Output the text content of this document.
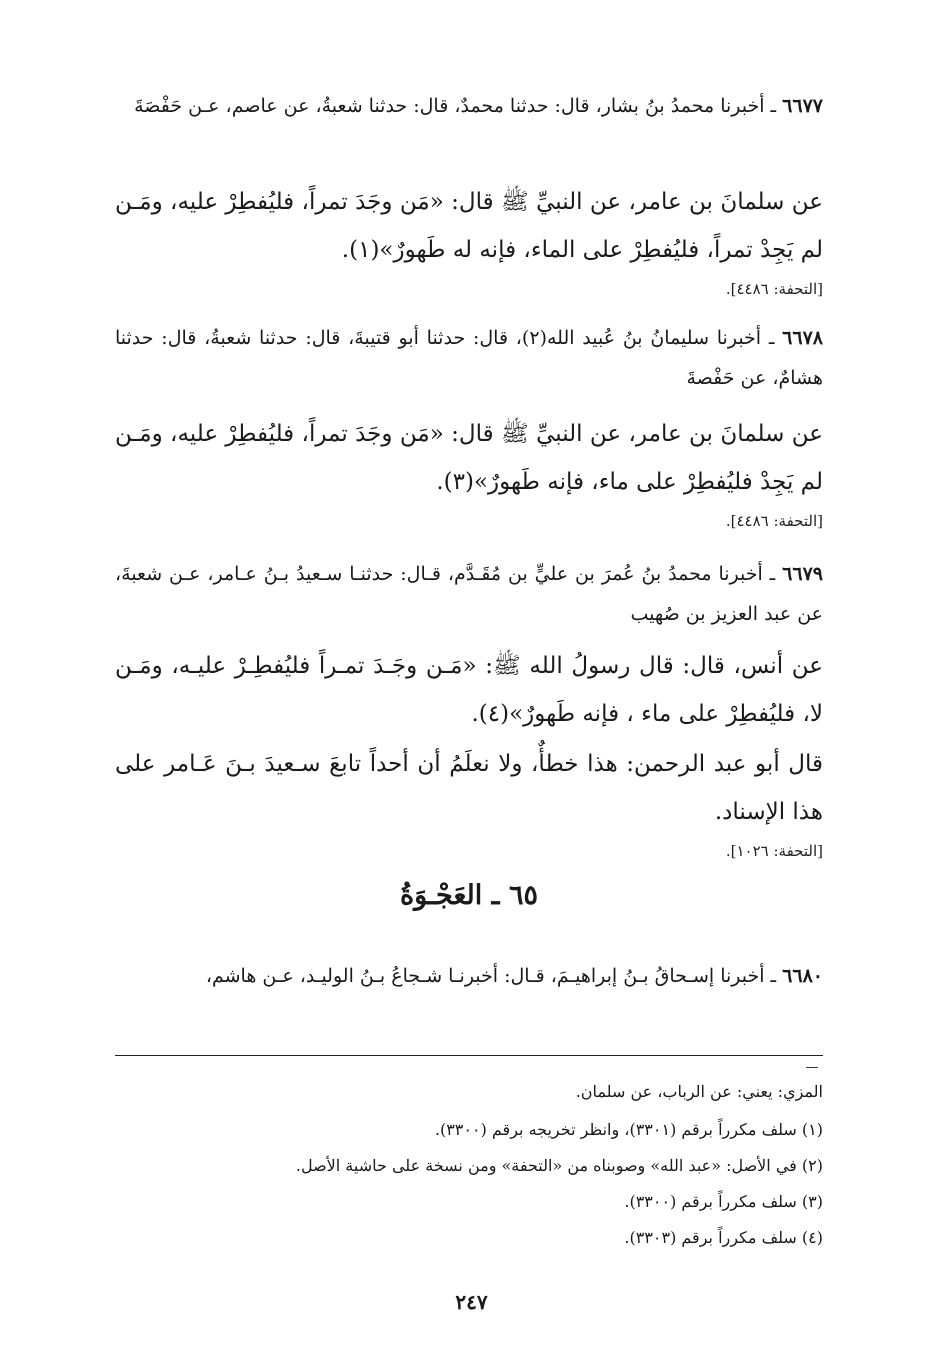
٦٦٧٧ ـ أخبرنا محمدُ بنُ بشار، قال: حدثنا محمدٌ، قال: حدثنا شعبةُ، عن عاصم، عـن حَفْصَةَ
عن سلمانَ بن عامر، عن النبيِّ ﷺ قال: «مَن وجَدَ تمراً، فليُفطِرْ عليه، ومَـن لم يَجِدْ تمراً، فليُفطِرْ على الماء، فإنه له طَهورٌ»(١).
[التحفة: ٤٤٨٦].
٦٦٧٨ ـ أخبرنا سليمانُ بنُ عُبيد الله(٢)، قال: حدثنا أبو قتيبةَ، قال: حدثنا شعبةُ، قال: حدثنا هشامٌ، عن حَفْصةَ
عن سلمانَ بن عامر، عن النبيِّ ﷺ قال: «مَن وجَدَ تمراً، فليُفطِرْ عليه، ومَـن لم يَجِدْ فليُفطِرْ على ماء، فإنه طَهورٌ»(٣).
[التحفة: ٤٤٨٦].
٦٦٧٩ ـ أخبرنا محمدُ بنُ عُمرَ بن عليٍّ بن مُقَـدَّم، قـال: حدثنـا سـعيدُ بـنُ عـامر، عـن شعبةَ، عن عبد العزيز بن صُهيب
عن أنس، قال: قال رسولُ الله ﷺ: «مَـن وجَـدَ تمـراً فليُفطِـرْ عليـه، ومَـن لا، فليُفطِرْ على ماء ، فإنه طَهورٌ»(٤).
قال أبو عبد الرحمن: هذا خطأٌ، ولا نعلَمُ أن أحداً تابعَ سـعيدَ بـنَ عَـامر على هذا الإسناد.
[التحفة: ١٠٢٦].
٦٥ ـ العَجْـوَةُ
٦٦٨٠ ـ أخبرنا إسـحاقُ بـنُ إبراهيـمَ، قـال: أخبرنـا شـجاعُ بـنُ الوليـد، عـن هاشم،
المزي: يعني: عن الرباب، عن سلمان.
(١) سلف مكرراً برقم (٣٣٠١)، وانظر تخريجه برقم (٣٣٠٠).
(٢) في الأصل: «عبد الله» وصوبناه من «التحفة» ومن نسخة على حاشية الأصل.
(٣) سلف مكرراً برقم (٣٣٠٠).
(٤) سلف مكرراً برقم (٣٣٠٣).
٢٤٧
